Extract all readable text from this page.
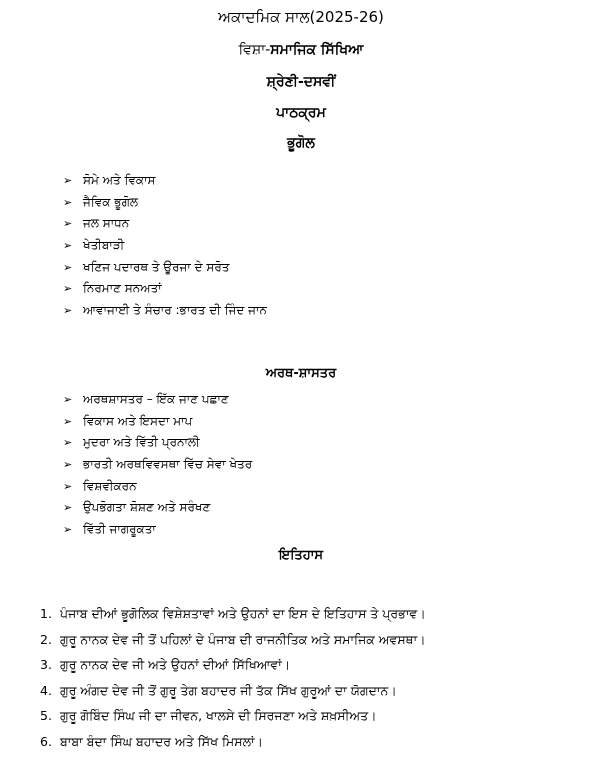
ਅਕਾਦਮਿਕ ਸਾਲ(2025-26)
ਵਿਸ਼ਾ-ਸਮਾਜਿਕ ਸਿੱਖਿਆ
ਸ਼੍ਰੇਣੀ-ਦਸਵੀਂ
ਪਾਠਕ੍ਰਮ
ਭੂਗੋਲ
➢ ਸੋਮੇ ਅਤੇ ਵਿਕਾਸ
➢ ਜੈਵਿਕ ਭੂਗੋਲ
➢ ਜਲ ਸਾਧਨ
➢ ਖੇਤੀਬਾੜੀ
➢ ਖਣਿਜ ਪਦਾਰਥ ਤੇ ਊਰਜਾ ਦੇ ਸਰੋਤ
➢ ਨਿਰਮਾਣ ਸਨਅਤਾਂ
➢ ਆਵਾਜਾਈ ਤੇ ਸੰਚਾਰ :ਭਾਰਤ ਦੀ ਜਿੰਦ ਜਾਨ
ਅਰਥ-ਸ਼ਾਸਤਰ
➢ ਅਰਥਸ਼ਾਸਤਰ – ਇੱਕ ਜਾਣ ਪਛਾਣ
➢ ਵਿਕਾਸ ਅਤੇ ਇਸਦਾ ਮਾਪ
➢ ਮੁਦਰਾ ਅਤੇ ਵਿੱਤੀ ਪ੍ਰਨਾਲੀ
➢ ਭਾਰਤੀ ਅਰਥਵਿਵਸਥਾ ਵਿੱਚ ਸੇਵਾ ਖੇਤਰ
➢ ਵਿਸ਼ਵੀਕਰਨ
➢ ਉਪਭੋਗਤਾ ਸ਼ੋਸ਼ਣ ਅਤੇ ਸਰੰਖਣ
➢ ਵਿੱਤੀ ਜਾਗਰੂਕਤਾ
ਇਤਿਹਾਸ
1. ਪੰਜਾਬ ਦੀਆਂ ਭੂਗੋਲਿਕ ਵਿਸ਼ੇਸ਼ਤਾਵਾਂ ਅਤੇ ਉਹਨਾਂ ਦਾ ਇਸ ਦੇ ਇਤਿਹਾਸ ਤੇ ਪ੍ਰਭਾਵ।
2. ਗੁਰੂ ਨਾਨਕ ਦੇਵ ਜੀ ਤੋਂ ਪਹਿਲਾਂ ਦੇ ਪੰਜਾਬ ਦੀ ਰਾਜਨੀਤਿਕ ਅਤੇ ਸਮਾਜਿਕ ਅਵਸਥਾ।
3. ਗੁਰੂ ਨਾਨਕ ਦੇਵ ਜੀ ਅਤੇ ਉਹਨਾਂ ਦੀਆਂ ਸਿੱਖਿਆਵਾਂ।
4. ਗੁਰੂ ਅੰਗਦ ਦੇਵ ਜੀ ਤੋਂ ਗੁਰੂ ਤੇਗ ਬਹਾਦਰ ਜੀ ਤੱਕ ਸਿੱਖ ਗੁਰੂਆਂ ਦਾ ਯੋਗਦਾਨ।
5. ਗੁਰੂ ਗੋਬਿੰਦ ਸਿੰਘ ਜੀ ਦਾ ਜੀਵਨ, ਖਾਲਸੇ ਦੀ ਸਿਰਜਣਾ ਅਤੇ ਸ਼ਖ਼ਸੀਅਤ।
6. ਬਾਬਾ ਬੰਦਾ ਸਿੰਘ ਬਹਾਦਰ ਅਤੇ ਸਿੱਖ ਮਿਸਲਾਂ।
